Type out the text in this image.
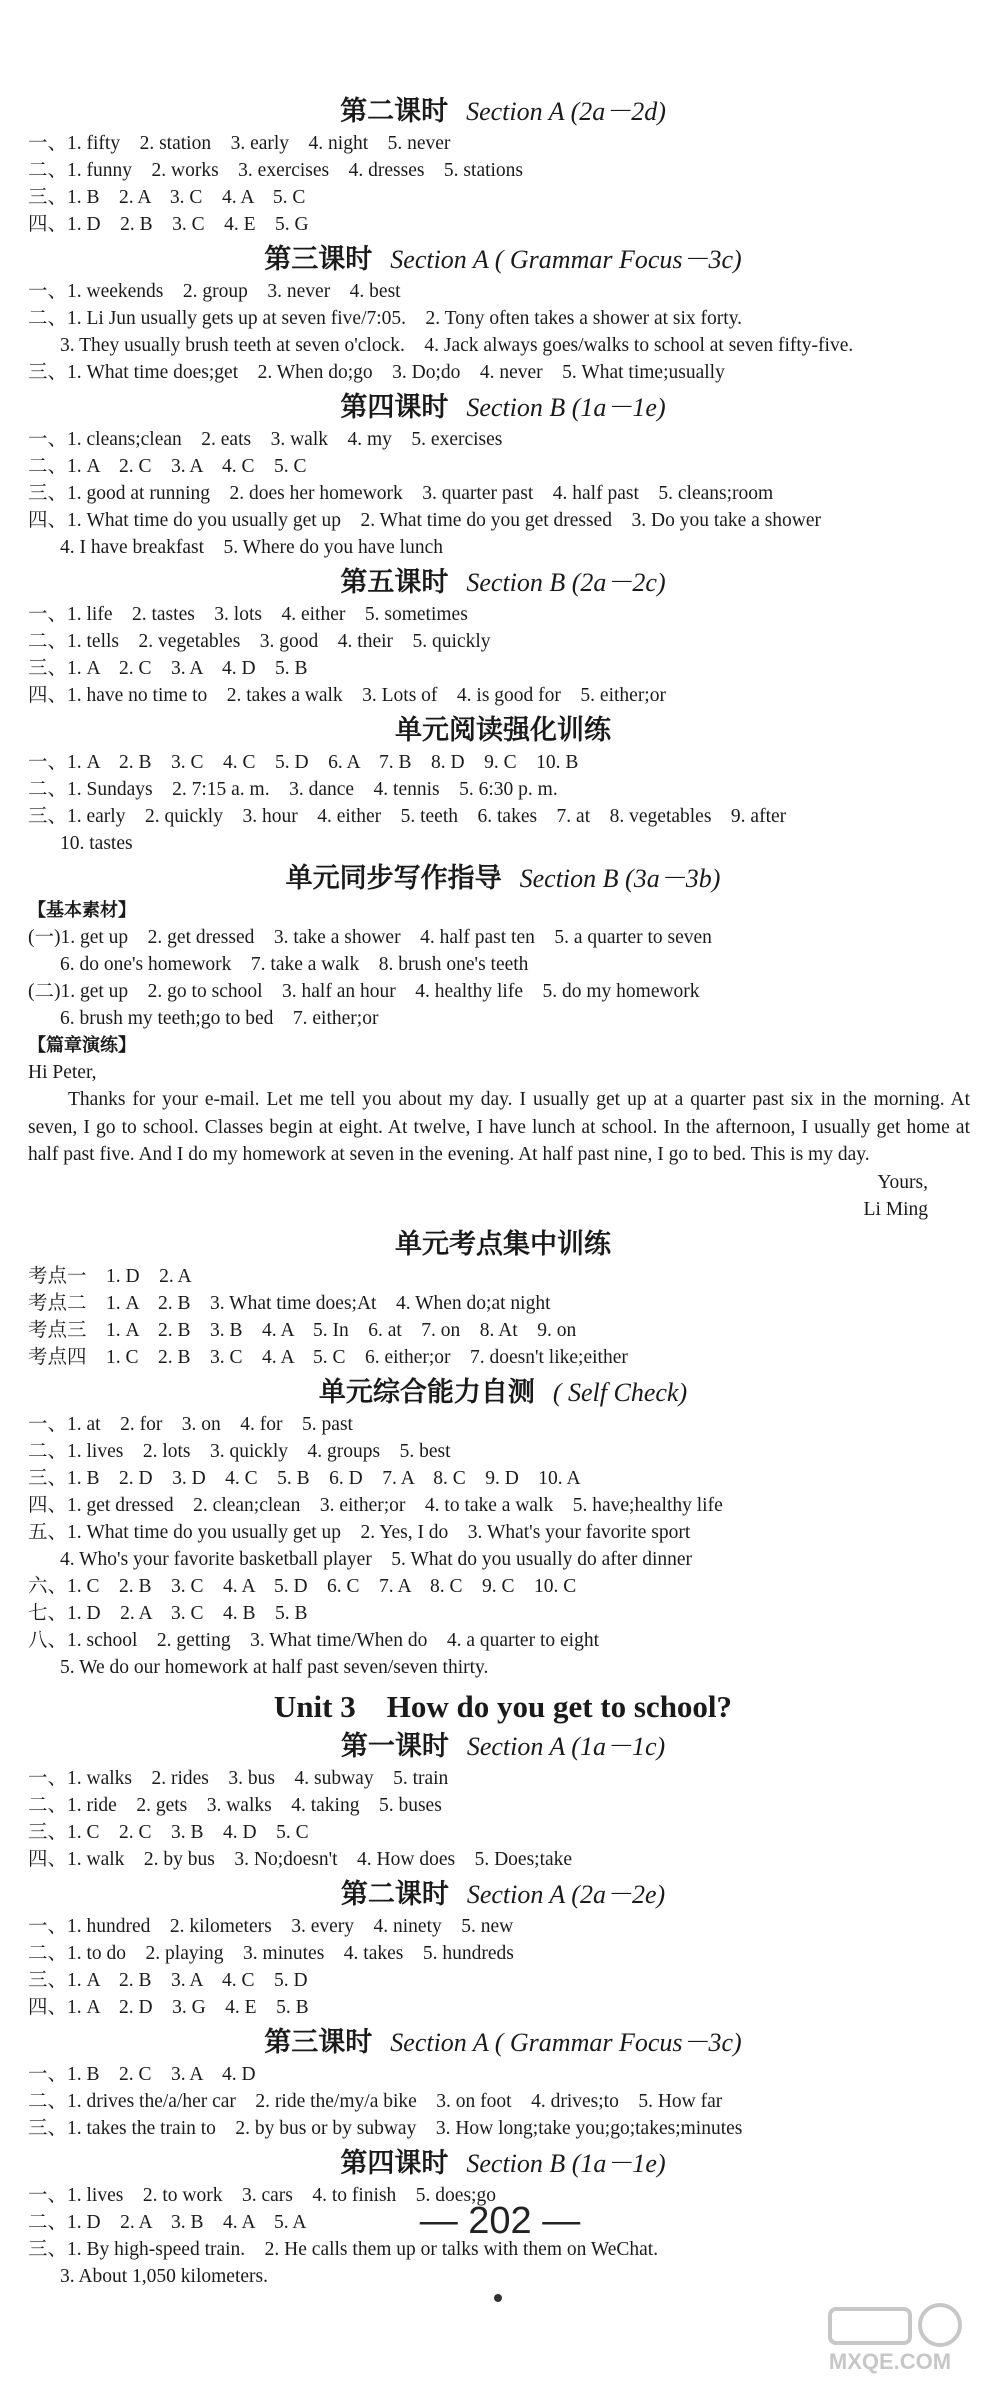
第二课时 Section A (2a－2d)
一、1. fifty　2. station　3. early　4. night　5. never
二、1. funny　2. works　3. exercises　4. dresses　5. stations
三、1. B　2. A　3. C　4. A　5. C
四、1. D　2. B　3. C　4. E　5. G
第三课时 Section A ( Grammar Focus－3c)
一、1. weekends　2. group　3. never　4. best
二、1. Li Jun usually gets up at seven five/7:05.　2. Tony often takes a shower at six forty.
3. They usually brush teeth at seven o'clock.　4. Jack always goes/walks to school at seven fifty-five.
三、1. What time does;get　2. When do;go　3. Do;do　4. never　5. What time;usually
第四课时 Section B (1a－1e)
一、1. cleans;clean　2. eats　3. walk　4. my　5. exercises
二、1. A　2. C　3. A　4. C　5. C
三、1. good at running　2. does her homework　3. quarter past　4. half past　5. cleans;room
四、1. What time do you usually get up　2. What time do you get dressed　3. Do you take a shower
4. I have breakfast　5. Where do you have lunch
第五课时 Section B (2a－2c)
一、1. life　2. tastes　3. lots　4. either　5. sometimes
二、1. tells　2. vegetables　3. good　4. their　5. quickly
三、1. A　2. C　3. A　4. D　5. B
四、1. have no time to　2. takes a walk　3. Lots of　4. is good for　5. either;or
单元阅读强化训练
一、1. A　2. B　3. C　4. C　5. D　6. A　7. B　8. D　9. C　10. B
二、1. Sundays　2. 7:15 a. m.　3. dance　4. tennis　5. 6:30 p. m.
三、1. early　2. quickly　3. hour　4. either　5. teeth　6. takes　7. at　8. vegetables　9. after
10. tastes
单元同步写作指导 Section B (3a－3b)
【基本素材】
(一)1. get up　2. get dressed　3. take a shower　4. half past ten　5. a quarter to seven
6. do one's homework　7. take a walk　8. brush one's teeth
(二)1. get up　2. go to school　3. half an hour　4. healthy life　5. do my homework
6. brush my teeth;go to bed　7. either;or
【篇章演练】
Hi Peter,
Thanks for your e-mail. Let me tell you about my day. I usually get up at a quarter past six in the morning. At seven, I go to school. Classes begin at eight. At twelve, I have lunch at school. In the afternoon, I usually get home at half past five. And I do my homework at seven in the evening. At half past nine, I go to bed. This is my day.
Yours,
Li Ming
单元考点集中训练
考点一　1. D　2. A
考点二　1. A　2. B　3. What time does;At　4. When do;at night
考点三　1. A　2. B　3. B　4. A　5. In　6. at　7. on　8. At　9. on
考点四　1. C　2. B　3. C　4. A　5. C　6. either;or　7. doesn't like;either
单元综合能力自测 ( Self Check)
一、1. at　2. for　3. on　4. for　5. past
二、1. lives　2. lots　3. quickly　4. groups　5. best
三、1. B　2. D　3. D　4. C　5. B　6. D　7. A　8. C　9. D　10. A
四、1. get dressed　2. clean;clean　3. either;or　4. to take a walk　5. have;healthy life
五、1. What time do you usually get up　2. Yes, I do　3. What's your favorite sport
4. Who's your favorite basketball player　5. What do you usually do after dinner
六、1. C　2. B　3. C　4. A　5. D　6. C　7. A　8. C　9. C　10. C
七、1. D　2. A　3. C　4. B　5. B
八、1. school　2. getting　3. What time/When do　4. a quarter to eight
5. We do our homework at half past seven/seven thirty.
Unit 3　How do you get to school?
第一课时 Section A (1a－1c)
一、1. walks　2. rides　3. bus　4. subway　5. train
二、1. ride　2. gets　3. walks　4. taking　5. buses
三、1. C　2. C　3. B　4. D　5. C
四、1. walk　2. by bus　3. No;doesn't　4. How does　5. Does;take
第二课时 Section A (2a－2e)
一、1. hundred　2. kilometers　3. every　4. ninety　5. new
二、1. to do　2. playing　3. minutes　4. takes　5. hundreds
三、1. A　2. B　3. A　4. C　5. D
四、1. A　2. D　3. G　4. E　5. B
第三课时 Section A ( Grammar Focus－3c)
一、1. B　2. C　3. A　4. D
二、1. drives the/a/her car　2. ride the/my/a bike　3. on foot　4. drives;to　5. How far
三、1. takes the train to　2. by bus or by subway　3. How long;take you;go;takes;minutes
第四课时 Section B (1a－1e)
一、1. lives　2. to work　3. cars　4. to finish　5. does;go
二、1. D　2. A　3. B　4. A　5. A
三、1. By high-speed train.　2. He calls them up or talks with them on WeChat.
3. About 1,050 kilometers.
— 202 —
MXQE.COM
